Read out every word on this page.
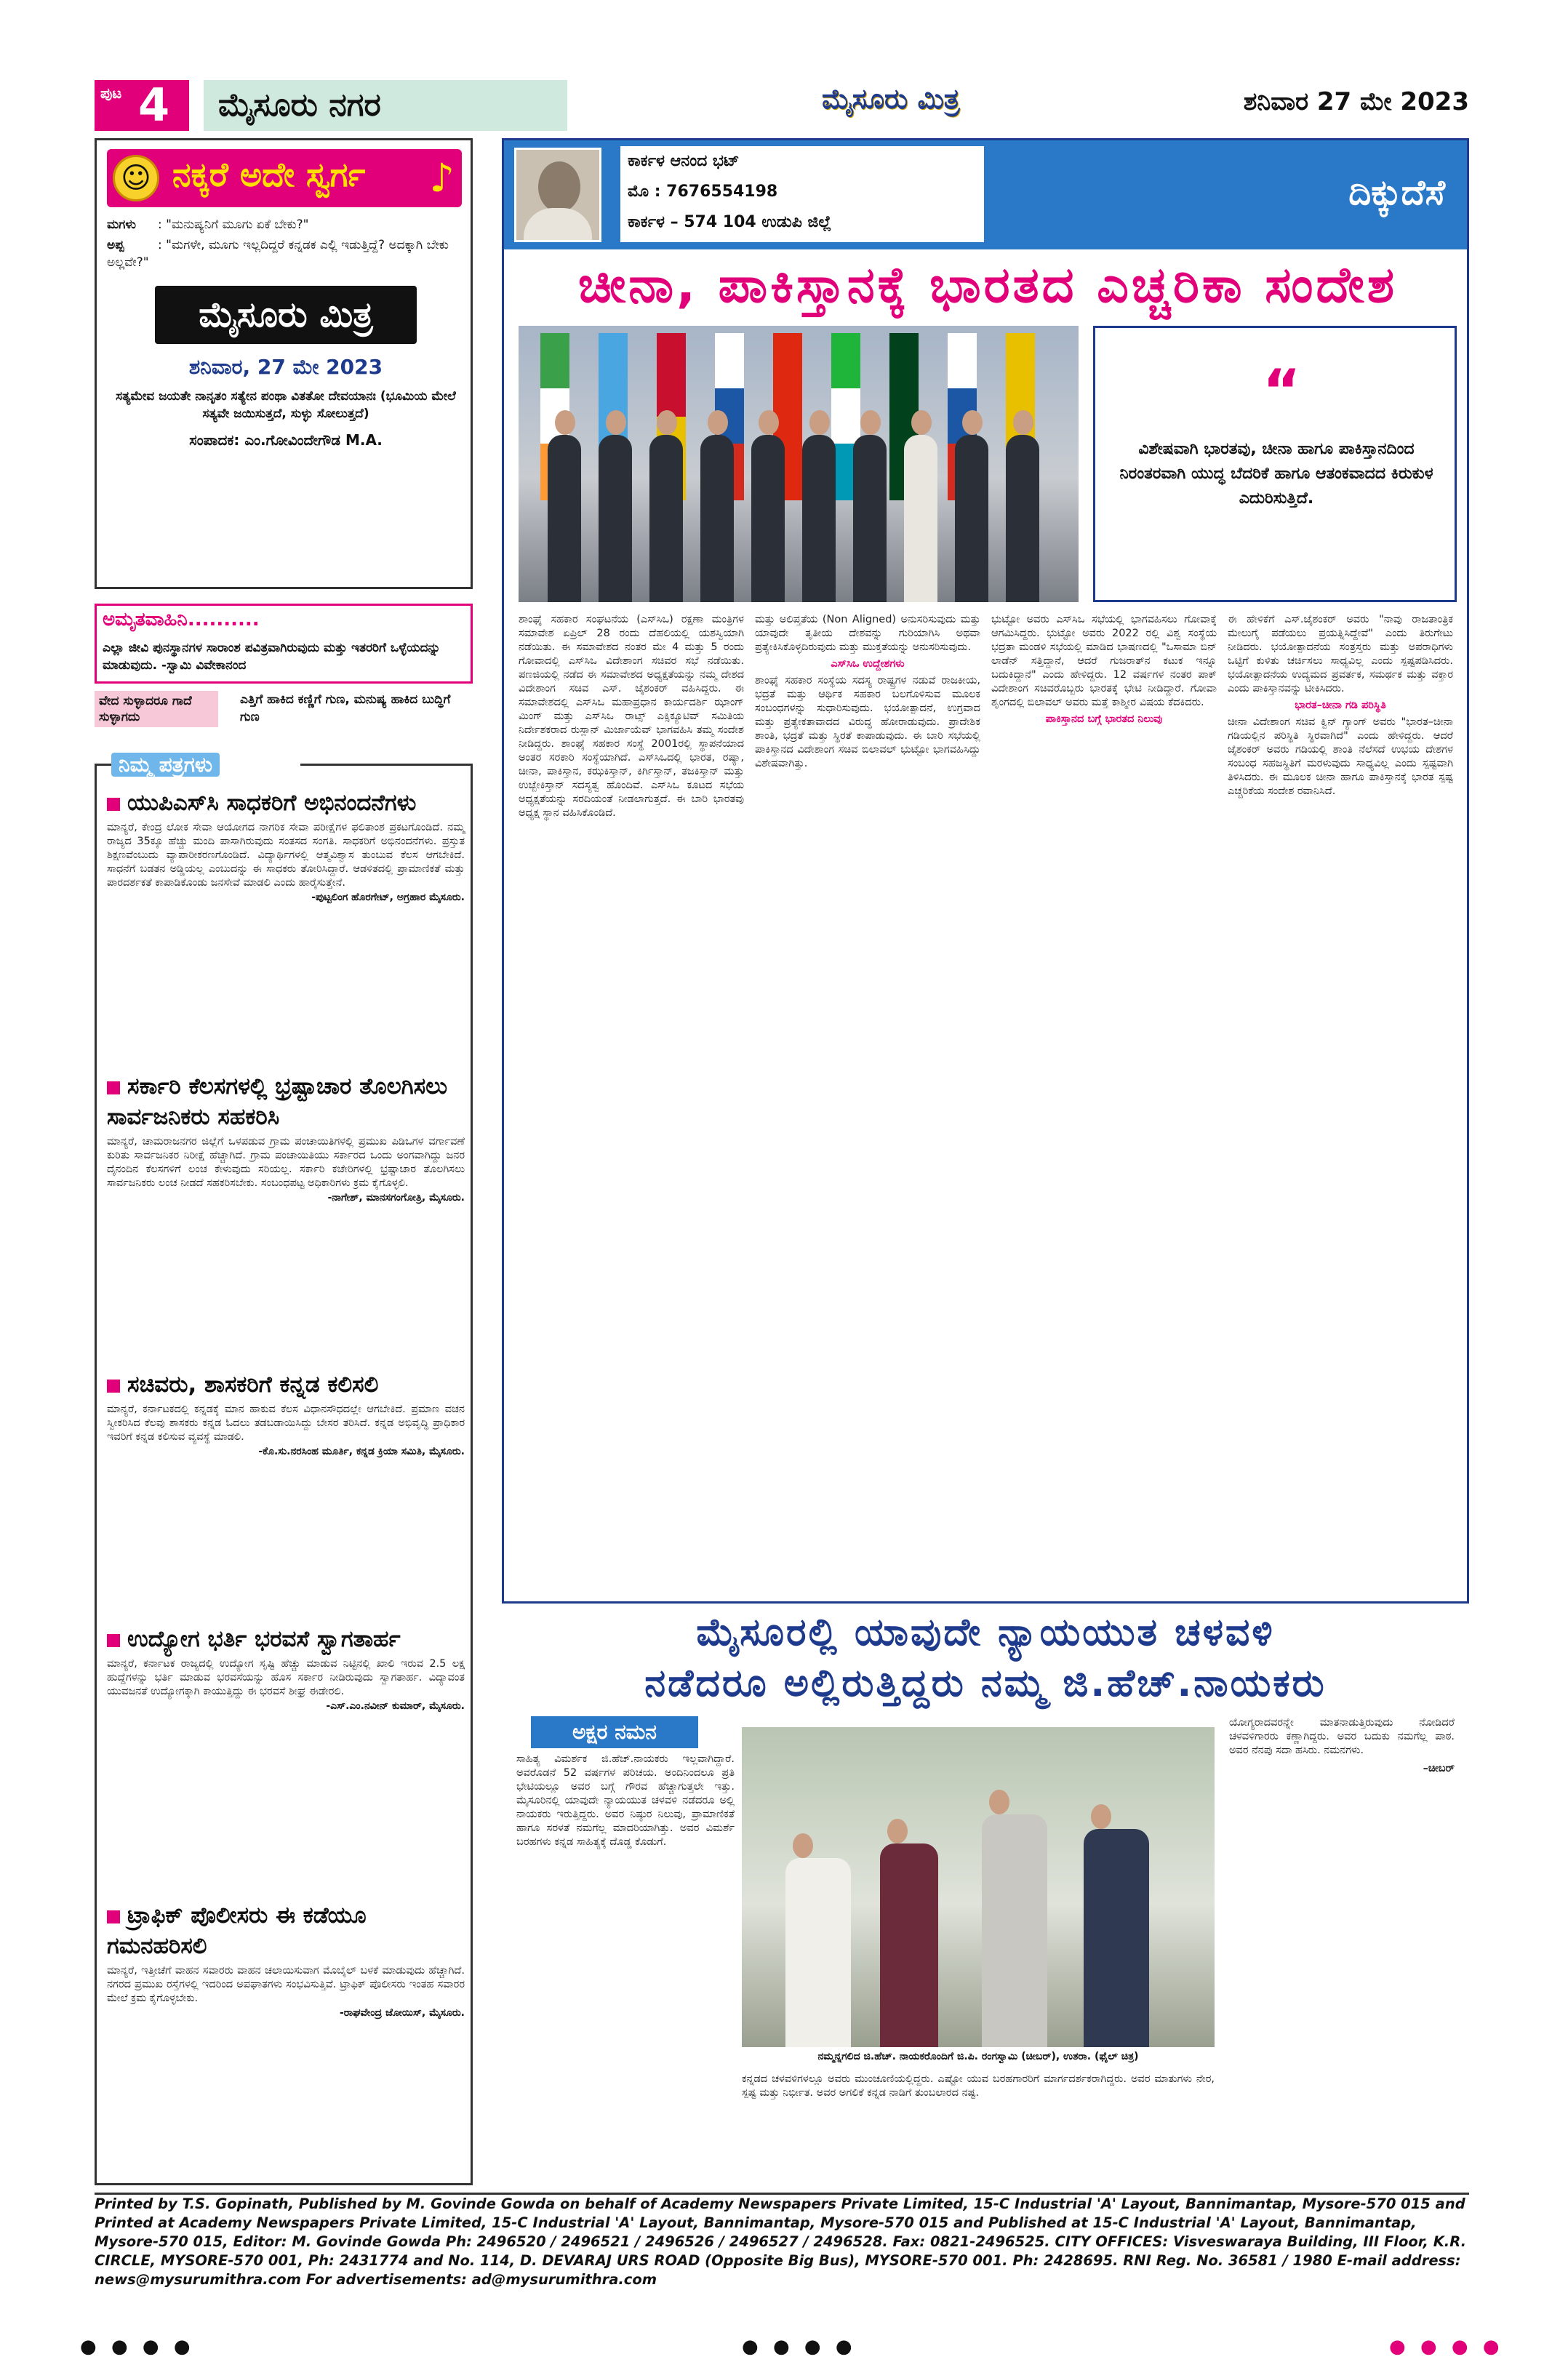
ಪುಟ 4	ಮೈಸೂರು ನಗರ	ಮೈಸೂರು ಮಿತ್ರ	ಶನಿವಾರ 27 ಮೇ 2023
☺ ನಕ್ಕರೆ ಅದೇ ಸ್ವರ್ಗ ♪
ಮಗಳು : "ಮನುಷ್ಯನಿಗೆ ಮೂಗು ಏಕೆ ಬೇಕು?"
ಅಪ್ಪ	: "ಮಗಳೇ, ಮೂಗು ಇಲ್ಲದಿದ್ದರೆ ಕನ್ನಡಕ ಎಲ್ಲಿ ಇಡುತ್ತಿದ್ದೆ? ಅದಕ್ಕಾಗಿ ಬೇಕು ಅಲ್ಲವೇ?"
ಮೈಸೂರು ಮಿತ್ರ
ಶನಿವಾರ, 27 ಮೇ 2023
ಸತ್ಯಮೇವ ಜಯತೇ ನಾನೃತಂ ಸತ್ಯೇನ ಪಂಥಾ ವಿತತೋ ದೇವಯಾನಃ (ಭೂಮಿಯ ಮೇಲೆ ಸತ್ಯವೇ ಜಯಿಸುತ್ತದೆ, ಸುಳ್ಳು ಸೋಲುತ್ತದೆ)
ಸಂಪಾದಕ: ಎಂ.ಗೋವಿಂದೇಗೌಡ M.A.
ಅಮೃತವಾಹಿನಿ..........
ಎಲ್ಲಾ ಜೀವಿ ಪುನಸ್ಥಾನಗಳ ಸಾರಾಂಶ ಪವಿತ್ರವಾಗಿರುವುದು ಮತ್ತು ಇತರರಿಗೆ ಒಳ್ಳೆಯದನ್ನು ಮಾಡುವುದು. -ಸ್ವಾಮಿ ವಿವೇಕಾನಂದ
ವೇದ ಸುಳ್ಳಾದರೂ ಗಾದೆ ಸುಳ್ಳಾಗದು
ಎತ್ತಿಗೆ ಹಾಕಿದ ಕಣ್ಣಿಗೆ ಗುಣ, ಮನುಷ್ಯ ಹಾಕಿದ ಬುದ್ಧಿಗೆ ಗುಣ
ನಿಮ್ಮ ಪತ್ರಗಳು
ಯುಪಿಎಸ್‌ಸಿ ಸಾಧಕರಿಗೆ ಅಭಿನಂದನೆಗಳು
ಮಾನ್ಯರೆ, ಕೇಂದ್ರ ಲೋಕ ಸೇವಾ ಆಯೋಗದ ನಾಗರಿಕ ಸೇವಾ ಪರೀಕ್ಷೆಗಳ ಫಲಿತಾಂಶ ಪ್ರಕಟಗೊಂಡಿದೆ. ನಮ್ಮ ರಾಜ್ಯದ 35ಕ್ಕೂ ಹೆಚ್ಚು ಮಂದಿ ಪಾಸಾಗಿರುವುದು ಸಂತಸದ ಸಂಗತಿ. ಸಾಧಕರಿಗೆ ಅಭಿನಂದನೆಗಳು. ಪ್ರಸ್ತುತ ಶಿಕ್ಷಣವೆಂಬುದು ವ್ಯಾಪಾರೀಕರಣಗೊಂಡಿದೆ. ವಿದ್ಯಾರ್ಥಿಗಳಲ್ಲಿ ಆತ್ಮವಿಶ್ವಾಸ ತುಂಬುವ ಕೆಲಸ ಆಗಬೇಕಿದೆ. ಸಾಧನೆಗೆ ಬಡತನ ಅಡ್ಡಿಯಲ್ಲ ಎಂಬುದನ್ನು ಈ ಸಾಧಕರು ತೋರಿಸಿದ್ದಾರೆ. ಆಡಳಿತದಲ್ಲಿ ಪ್ರಾಮಾಣಿಕತೆ ಮತ್ತು ಪಾರದರ್ಶಕತೆ ಕಾಪಾಡಿಕೊಂಡು ಜನಸೇವೆ ಮಾಡಲಿ ಎಂದು ಹಾರೈಸುತ್ತೇನೆ.
-ಪುಟ್ಟಲಿಂಗ ಹೊರಗೇಟ್, ಅಗ್ರಹಾರ ಮೈಸೂರು.
ಸರ್ಕಾರಿ ಕೆಲಸಗಳಲ್ಲಿ ಭ್ರಷ್ಟಾಚಾರ ತೊಲಗಿಸಲು ಸಾರ್ವಜನಿಕರು ಸಹಕರಿಸಿ
ಮಾನ್ಯರೆ, ಚಾಮರಾಜನಗರ ಜಿಲ್ಲೆಗೆ ಒಳಪಡುವ ಗ್ರಾಮ ಪಂಚಾಯಿತಿಗಳಲ್ಲಿ ಪ್ರಮುಖ ಪಿಡಿಒಗಳ ವರ್ಗಾವಣೆ ಕುರಿತು ಸಾರ್ವಜನಿಕರ ನಿರೀಕ್ಷೆ ಹೆಚ್ಚಾಗಿದೆ. ಗ್ರಾಮ ಪಂಚಾಯಿತಿಯು ಸರ್ಕಾರದ ಒಂದು ಅಂಗವಾಗಿದ್ದು ಜನರ ದೈನಂದಿನ ಕೆಲಸಗಳಿಗೆ ಲಂಚ ಕೇಳುವುದು ಸರಿಯಲ್ಲ. ಸರ್ಕಾರಿ ಕಚೇರಿಗಳಲ್ಲಿ ಭ್ರಷ್ಟಾಚಾರ ತೊಲಗಿಸಲು ಸಾರ್ವಜನಿಕರು ಲಂಚ ನೀಡದೆ ಸಹಕರಿಸಬೇಕು. ಸಂಬಂಧಪಟ್ಟ ಅಧಿಕಾರಿಗಳು ಕ್ರಮ ಕೈಗೊಳ್ಳಲಿ.
-ನಾಗೇಶ್, ಮಾನಸಗಂಗೋತ್ರಿ, ಮೈಸೂರು.
ಸಚಿವರು, ಶಾಸಕರಿಗೆ ಕನ್ನಡ ಕಲಿಸಲಿ
ಮಾನ್ಯರೆ, ಕರ್ನಾಟಕದಲ್ಲಿ ಕನ್ನಡಕ್ಕೆ ಮಾನ ಹಾಕುವ ಕೆಲಸ ವಿಧಾನಸೌಧದಲ್ಲೇ ಆಗಬೇಕಿದೆ. ಪ್ರಮಾಣ ವಚನ ಸ್ವೀಕರಿಸಿದ ಕೆಲವು ಶಾಸಕರು ಕನ್ನಡ ಓದಲು ತಡಬಡಾಯಿಸಿದ್ದು ಬೇಸರ ತರಿಸಿದೆ. ಕನ್ನಡ ಅಭಿವೃದ್ಧಿ ಪ್ರಾಧಿಕಾರ ಇವರಿಗೆ ಕನ್ನಡ ಕಲಿಸುವ ವ್ಯವಸ್ಥೆ ಮಾಡಲಿ.
-ಕೊ.ಸು.ನರಸಿಂಹ ಮೂರ್ತಿ, ಕನ್ನಡ ಕ್ರಿಯಾ ಸಮಿತಿ, ಮೈಸೂರು.
ಉದ್ಯೋಗ ಭರ್ತಿ ಭರವಸೆ ಸ್ವಾಗತಾರ್ಹ
ಮಾನ್ಯರೆ, ಕರ್ನಾಟಕ ರಾಜ್ಯದಲ್ಲಿ ಉದ್ಯೋಗ ಸೃಷ್ಟಿ ಹೆಚ್ಚು ಮಾಡುವ ನಿಟ್ಟಿನಲ್ಲಿ ಖಾಲಿ ಇರುವ 2.5 ಲಕ್ಷ ಹುದ್ದೆಗಳನ್ನು ಭರ್ತಿ ಮಾಡುವ ಭರವಸೆಯನ್ನು ಹೊಸ ಸರ್ಕಾರ ನೀಡಿರುವುದು ಸ್ವಾಗತಾರ್ಹ. ವಿದ್ಯಾವಂತ ಯುವಜನತೆ ಉದ್ಯೋಗಕ್ಕಾಗಿ ಕಾಯುತ್ತಿದ್ದು ಈ ಭರವಸೆ ಶೀಘ್ರ ಈಡೇರಲಿ.
-ಎಸ್.ಎಂ.ನವೀನ್ ಕುಮಾರ್, ಮೈಸೂರು.
ಟ್ರಾಫಿಕ್ ಪೊಲೀಸರು ಈ ಕಡೆಯೂ ಗಮನಹರಿಸಲಿ
ಮಾನ್ಯರೆ, ಇತ್ತೀಚೆಗೆ ವಾಹನ ಸವಾರರು ವಾಹನ ಚಲಾಯಿಸುವಾಗ ಮೊಬೈಲ್ ಬಳಕೆ ಮಾಡುವುದು ಹೆಚ್ಚಾಗಿದೆ. ನಗರದ ಪ್ರಮುಖ ರಸ್ತೆಗಳಲ್ಲಿ ಇದರಿಂದ ಅಪಘಾತಗಳು ಸಂಭವಿಸುತ್ತಿವೆ. ಟ್ರಾಫಿಕ್ ಪೊಲೀಸರು ಇಂತಹ ಸವಾರರ ಮೇಲೆ ಕ್ರಮ ಕೈಗೊಳ್ಳಬೇಕು.
-ರಾಘವೇಂದ್ರ ಜೋಯಿಸ್, ಮೈಸೂರು.
ಕಾರ್ಕಳ ಆನಂದ ಭಟ್
ಮೊ : 7676554198
ಕಾರ್ಕಳ – 574 104 ಉಡುಪಿ ಜಿಲ್ಲೆ
ದಿಕ್ಕುದೆಸೆ
ಚೀನಾ, ಪಾಕಿಸ್ತಾನಕ್ಕೆ ಭಾರತದ ಎಚ್ಚರಿಕಾ ಸಂದೇಶ
“
ವಿಶೇಷವಾಗಿ ಭಾರತವು, ಚೀನಾ ಹಾಗೂ ಪಾಕಿಸ್ತಾನದಿಂದ ನಿರಂತರವಾಗಿ ಯುದ್ಧ ಬೆದರಿಕೆ ಹಾಗೂ ಆತಂಕವಾದದ ಕಿರುಕುಳ ಎದುರಿಸುತ್ತಿದೆ.
ಶಾಂಘೈ ಸಹಕಾರ ಸಂಘಟನೆಯ (ಎಸ್‌ಸಿಒ) ರಕ್ಷಣಾ ಮಂತ್ರಿಗಳ ಸಮಾವೇಶ ಏಪ್ರಿಲ್ 28 ರಂದು ದೆಹಲಿಯಲ್ಲಿ ಯಶಸ್ವಿಯಾಗಿ ನಡೆಯಿತು. ಈ ಸಮಾವೇಶದ ನಂತರ ಮೇ 4 ಮತ್ತು 5 ರಂದು ಗೋವಾದಲ್ಲಿ ಎಸ್‌ಸಿಒ ವಿದೇಶಾಂಗ ಸಚಿವರ ಸಭೆ ನಡೆಯಿತು. ಪಣಜಿಯಲ್ಲಿ ನಡೆದ ಈ ಸಮಾವೇಶದ ಅಧ್ಯಕ್ಷತೆಯನ್ನು ನಮ್ಮ ದೇಶದ ವಿದೇಶಾಂಗ ಸಚಿವ ಎಸ್. ಜೈಶಂಕರ್ ವಹಿಸಿದ್ದರು. ಈ ಸಮಾವೇಶದಲ್ಲಿ ಎಸ್‌ಸಿಒ ಮಹಾಪ್ರಧಾನ ಕಾರ್ಯದರ್ಶಿ ಝಾಂಗ್ ಮಿಂಗ್ ಮತ್ತು ಎಸ್‌ಸಿಒ ರಾಟ್ಸ್ ಎಕ್ಸಿಕ್ಯೂಟಿವ್ ಸಮಿತಿಯ ನಿರ್ದೇಶಕರಾದ ರುಸ್ಲಾನ್ ಮಿರ್ಜಾಯೆವ್ ಭಾಗವಹಿಸಿ ತಮ್ಮ ಸಂದೇಶ ನೀಡಿದ್ದರು. ಶಾಂಘೈ ಸಹಕಾರ ಸಂಸ್ಥೆ 2001ರಲ್ಲಿ ಸ್ಥಾಪನೆಯಾದ ಅಂತರ ಸರಕಾರಿ ಸಂಸ್ಥೆಯಾಗಿದೆ. ಎಸ್‌ಸಿಒದಲ್ಲಿ ಭಾರತ, ರಷ್ಯಾ, ಚೀನಾ, ಪಾಕಿಸ್ತಾನ, ಕಝಕಿಸ್ತಾನ್, ಕಿರ್ಗಿಸ್ತಾನ್, ತಜಕಿಸ್ತಾನ್ ಮತ್ತು ಉಜ್ಬೇಕಿಸ್ತಾನ್ ಸದಸ್ಯತ್ವ ಹೊಂದಿವೆ. ಎಸ್‌ಸಿಒ ಕೂಟದ ಸಭೆಯ ಅಧ್ಯಕ್ಷತೆಯನ್ನು ಸರದಿಯಂತೆ ನೀಡಲಾಗುತ್ತದೆ. ಈ ಬಾರಿ ಭಾರತವು ಅಧ್ಯಕ್ಷ ಸ್ಥಾನ ವಹಿಸಿಕೊಂಡಿದೆ.
ಮತ್ತು ಅಲಿಪ್ತತೆಯ (Non Aligned) ಅನುಸರಿಸುವುದು ಮತ್ತು ಯಾವುದೇ ತೃತೀಯ ದೇಶವನ್ನು ಗುರಿಯಾಗಿಸಿ ಅಥವಾ ಪ್ರತ್ಯೇಕಿಸಿಕೊಳ್ಳದಿರುವುದು ಮತ್ತು ಮುಕ್ತತೆಯನ್ನು ಅನುಸರಿಸುವುದು.
ಎಸ್‌ಸಿಒ ಉದ್ದೇಶಗಳು
ಶಾಂಘೈ ಸಹಕಾರ ಸಂಸ್ಥೆಯ ಸದಸ್ಯ ರಾಷ್ಟ್ರಗಳ ನಡುವೆ ರಾಜಕೀಯ, ಭದ್ರತೆ ಮತ್ತು ಆರ್ಥಿಕ ಸಹಕಾರ ಬಲಗೊಳಿಸುವ ಮೂಲಕ ಸಂಬಂಧಗಳನ್ನು ಸುಧಾರಿಸುವುದು. ಭಯೋತ್ಪಾದನೆ, ಉಗ್ರವಾದ ಮತ್ತು ಪ್ರತ್ಯೇಕತಾವಾದದ ವಿರುದ್ಧ ಹೋರಾಡುವುದು. ಪ್ರಾದೇಶಿಕ ಶಾಂತಿ, ಭದ್ರತೆ ಮತ್ತು ಸ್ಥಿರತೆ ಕಾಪಾಡುವುದು. ಈ ಬಾರಿ ಸಭೆಯಲ್ಲಿ ಪಾಕಿಸ್ತಾನದ ವಿದೇಶಾಂಗ ಸಚಿವ ಬಿಲಾವಲ್ ಭುಟ್ಟೋ ಭಾಗವಹಿಸಿದ್ದು ವಿಶೇಷವಾಗಿತ್ತು.
ಭುಟ್ಟೋ ಅವರು ಎಸ್‌ಸಿಒ ಸಭೆಯಲ್ಲಿ ಭಾಗವಹಿಸಲು ಗೋವಾಕ್ಕೆ ಆಗಮಿಸಿದ್ದರು. ಭುಟ್ಟೋ ಅವರು 2022 ರಲ್ಲಿ ವಿಶ್ವ ಸಂಸ್ಥೆಯ ಭದ್ರತಾ ಮಂಡಳಿ ಸಭೆಯಲ್ಲಿ ಮಾಡಿದ ಭಾಷಣದಲ್ಲಿ "ಒಸಾಮಾ ಬಿನ್ ಲಾಡೆನ್ ಸತ್ತಿದ್ದಾನೆ, ಆದರೆ ಗುಜರಾತ್‌ನ ಕಟುಕ ಇನ್ನೂ ಬದುಕಿದ್ದಾನೆ" ಎಂದು ಹೇಳಿದ್ದರು. 12 ವರ್ಷಗಳ ನಂತರ ಪಾಕ್ ವಿದೇಶಾಂಗ ಸಚಿವರೊಬ್ಬರು ಭಾರತಕ್ಕೆ ಭೇಟಿ ನೀಡಿದ್ದಾರೆ. ಗೋವಾ ಶೃಂಗದಲ್ಲಿ ಬಿಲಾವಲ್ ಅವರು ಮತ್ತೆ ಕಾಶ್ಮೀರ ವಿಷಯ ಕೆದಕಿದರು.
ಪಾಕಿಸ್ತಾನದ ಬಗ್ಗೆ ಭಾರತದ ನಿಲುವು
ಈ ಹೇಳಿಕೆಗೆ ಎಸ್.ಜೈಶಂಕರ್ ಅವರು "ನಾವು ರಾಜತಾಂತ್ರಿಕ ಮೇಲುಗೈ ಪಡೆಯಲು ಪ್ರಯತ್ನಿಸಿದ್ದೇವೆ" ಎಂದು ತಿರುಗೇಟು ನೀಡಿದರು. ಭಯೋತ್ಪಾದನೆಯ ಸಂತ್ರಸ್ತರು ಮತ್ತು ಅಪರಾಧಿಗಳು ಒಟ್ಟಿಗೆ ಕುಳಿತು ಚರ್ಚಿಸಲು ಸಾಧ್ಯವಿಲ್ಲ ಎಂದು ಸ್ಪಷ್ಟಪಡಿಸಿದರು. ಭಯೋತ್ಪಾದನೆಯ ಉದ್ಯಮದ ಪ್ರವರ್ತಕ, ಸಮರ್ಥಕ ಮತ್ತು ವಕ್ತಾರ ಎಂದು ಪಾಕಿಸ್ತಾನವನ್ನು ಟೀಕಿಸಿದರು.
ಭಾರತ–ಚೀನಾ ಗಡಿ ಪರಿಸ್ಥಿತಿ
ಚೀನಾ ವಿದೇಶಾಂಗ ಸಚಿವ ಕ್ವಿನ್ ಗ್ಯಾಂಗ್ ಅವರು "ಭಾರತ–ಚೀನಾ ಗಡಿಯಲ್ಲಿನ ಪರಿಸ್ಥಿತಿ ಸ್ಥಿರವಾಗಿದೆ" ಎಂದು ಹೇಳಿದ್ದರು. ಆದರೆ ಜೈಶಂಕರ್ ಅವರು ಗಡಿಯಲ್ಲಿ ಶಾಂತಿ ನೆಲೆಸದೆ ಉಭಯ ದೇಶಗಳ ಸಂಬಂಧ ಸಹಜಸ್ಥಿತಿಗೆ ಮರಳುವುದು ಸಾಧ್ಯವಿಲ್ಲ ಎಂದು ಸ್ಪಷ್ಟವಾಗಿ ತಿಳಿಸಿದರು. ಈ ಮೂಲಕ ಚೀನಾ ಹಾಗೂ ಪಾಕಿಸ್ತಾನಕ್ಕೆ ಭಾರತ ಸ್ಪಷ್ಟ ಎಚ್ಚರಿಕೆಯ ಸಂದೇಶ ರವಾನಿಸಿದೆ.
ಮೈಸೂರಲ್ಲಿ ಯಾವುದೇ ನ್ಯಾಯಯುತ ಚಳವಳಿ
ನಡೆದರೂ ಅಲ್ಲಿರುತ್ತಿದ್ದರು ನಮ್ಮ ಜಿ.ಹೆಚ್.ನಾಯಕರು
ಅಕ್ಷರ ನಮನ
ಸಾಹಿತ್ಯ ವಿಮರ್ಶಕ ಜಿ.ಹೆಚ್.ನಾಯಕರು ಇಲ್ಲವಾಗಿದ್ದಾರೆ. ಅವರೊಡನೆ 52 ವರ್ಷಗಳ ಪರಿಚಯ. ಅಂದಿನಿಂದಲೂ ಪ್ರತಿ ಭೇಟಿಯಲ್ಲೂ ಅವರ ಬಗ್ಗೆ ಗೌರವ ಹೆಚ್ಚಾಗುತ್ತಲೇ ಇತ್ತು. ಮೈಸೂರಿನಲ್ಲಿ ಯಾವುದೇ ನ್ಯಾಯಯುತ ಚಳವಳಿ ನಡೆದರೂ ಅಲ್ಲಿ ನಾಯಕರು ಇರುತ್ತಿದ್ದರು. ಅವರ ನಿಷ್ಠುರ ನಿಲುವು, ಪ್ರಾಮಾಣಿಕತೆ ಹಾಗೂ ಸರಳತೆ ನಮಗೆಲ್ಲ ಮಾದರಿಯಾಗಿತ್ತು. ಅವರ ವಿಮರ್ಶೆ ಬರಹಗಳು ಕನ್ನಡ ಸಾಹಿತ್ಯಕ್ಕೆ ದೊಡ್ಡ ಕೊಡುಗೆ.
ನಮ್ಮನ್ನಗಲಿದ ಜಿ.ಹೆಚ್. ನಾಯಕರೊಂದಿಗೆ ಜಿ.ಪಿ. ರಂಗಸ್ವಾಮಿ (ಚೀಬರ್), ಉತರಾ. (ಫೈಲ್ ಚಿತ್ರ)
ಕನ್ನಡದ ಚಳವಳಿಗಳಲ್ಲೂ ಅವರು ಮುಂಚೂಣಿಯಲ್ಲಿದ್ದರು. ಎಷ್ಟೋ ಯುವ ಬರಹಗಾರರಿಗೆ ಮಾರ್ಗದರ್ಶಕರಾಗಿದ್ದರು. ಅವರ ಮಾತುಗಳು ನೇರ, ಸ್ಪಷ್ಟ ಮತ್ತು ನಿರ್ಭೀತ. ಅವರ ಅಗಲಿಕೆ ಕನ್ನಡ ನಾಡಿಗೆ ತುಂಬಲಾರದ ನಷ್ಟ.
ಯೋಗ್ಯರಾದವರನ್ನೇ ಮಾತನಾಡುತ್ತಿರುವುದು ನೋಡಿದರೆ ಚಳವಳಿಗಾರರು ಕಣ್ಣಾಗಿದ್ದರು. ಅವರ ಬದುಕು ನಮಗೆಲ್ಲ ಪಾಠ. ಅವರ ನೆನಪು ಸದಾ ಹಸಿರು. ನಮನಗಳು.
–ಚೀಬರ್
Printed by T.S. Gopinath, Published by M. Govinde Gowda on behalf of Academy Newspapers Private Limited, 15-C Industrial 'A' Layout, Bannimantap, Mysore-570 015 and Printed at Academy Newspapers Private Limited, 15-C Industrial 'A' Layout, Bannimantap, Mysore-570 015 and Published at 15-C Industrial 'A' Layout, Bannimantap, Mysore-570 015, Editor: M. Govinde Gowda Ph: 2496520 / 2496521 / 2496526 / 2496527 / 2496528. Fax: 0821-2496525. CITY OFFICES: Visveswaraya Building, III Floor, K.R. CIRCLE, MYSORE-570 001, Ph: 2431774 and No. 114, D. DEVARAJ URS ROAD (Opposite Big Bus), MYSORE-570 001. Ph: 2428695. RNI Reg. No. 36581 / 1980 E-mail address: news@mysurumithra.com For advertisements: ad@mysurumithra.com
● ● ● ●	● ● ● ●	● ● ● ●
